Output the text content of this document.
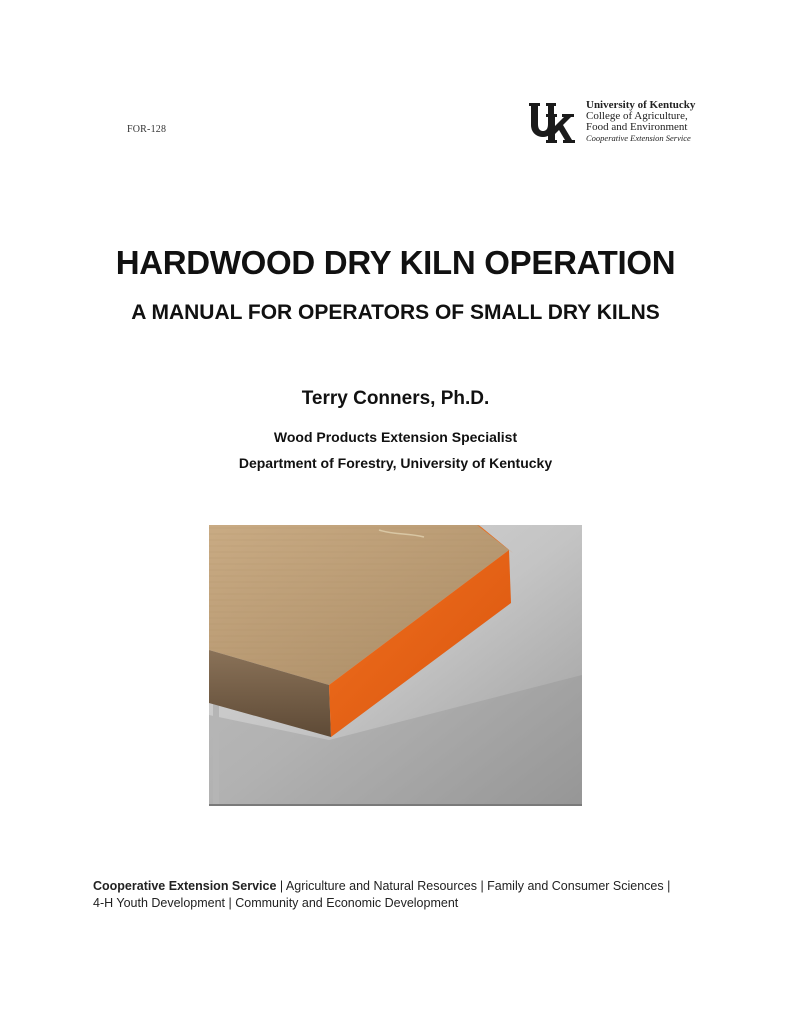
FOR-128
University of Kentucky
College of Agriculture,
Food and Environment
Cooperative Extension Service
HARDWOOD DRY KILN OPERATION
A MANUAL FOR OPERATORS OF SMALL DRY KILNS
Terry Conners, Ph.D.
Wood Products Extension Specialist
Department of Forestry, University of Kentucky
Cooperative Extension Service | Agriculture and Natural Resources | Family and Consumer Sciences |
4-H Youth Development | Community and Economic Development
